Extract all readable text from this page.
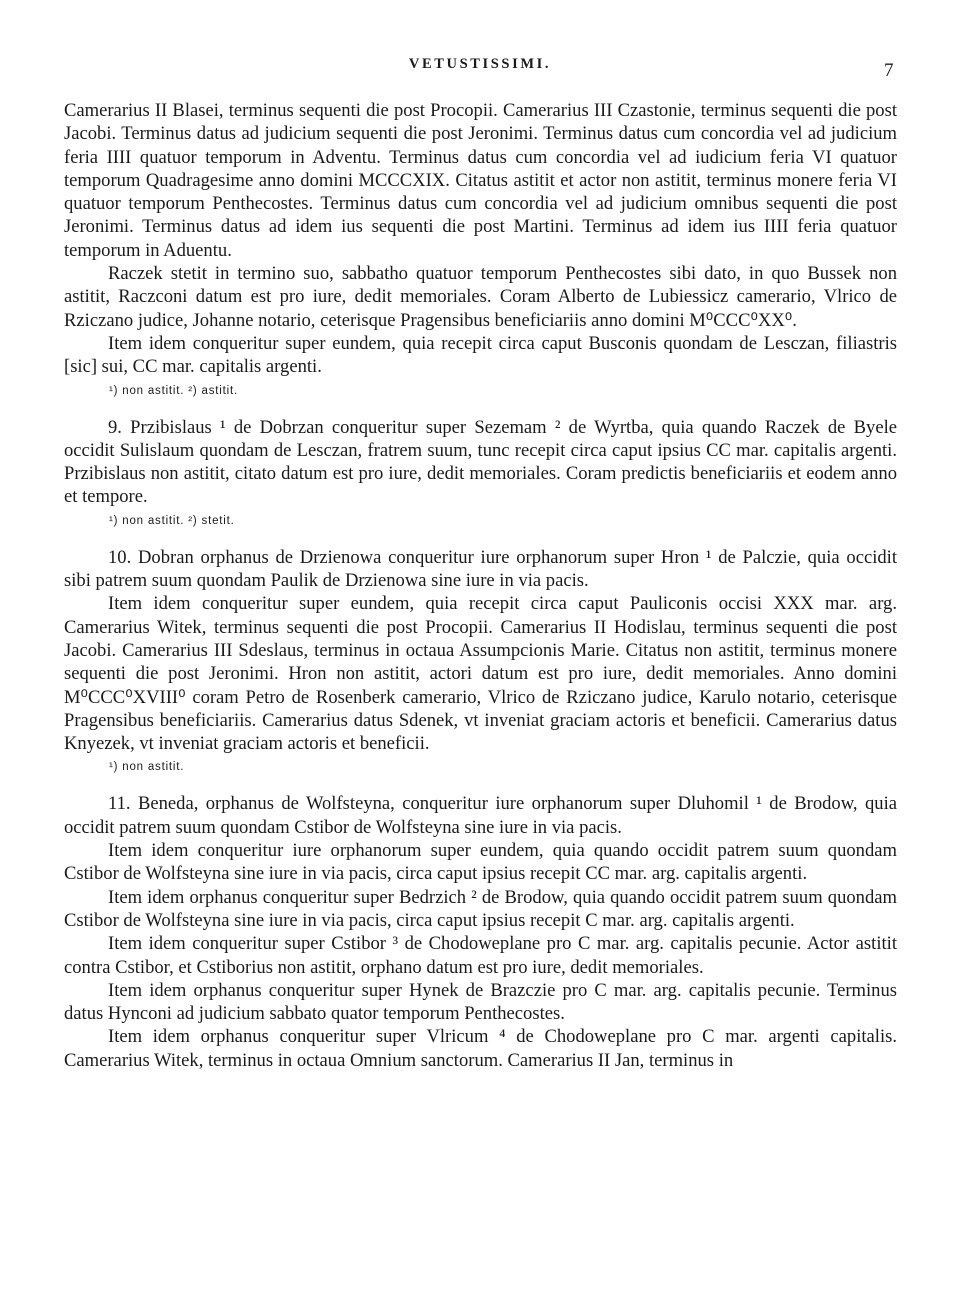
VETUSTISSIMI.	7

Camerarius II Blasei, terminus sequenti die post Procopii. Camerarius III Czastonie, terminus sequenti die post Jacobi. Terminus datus ad judicium sequenti die post Jeronimi. Terminus datus cum concordia vel ad judicium feria IIII quatuor temporum in Adventu. Terminus datus cum concordia vel ad iudicium feria VI quatuor temporum Quadragesime anno domini MCCCXIX. Citatus astitit et actor non astitit, terminus monere feria VI quatuor temporum Penthecostes. Terminus datus cum concordia vel ad judicium omnibus sequenti die post Jeronimi. Terminus datus ad idem ius sequenti die post Martini. Terminus ad idem ius IIII feria quatuor temporum in Aduentu.

Raczek stetit in termino suo, sabbatho quatuor temporum Penthecostes sibi dato, in quo Bussek non astitit, Raczconi datum est pro iure, dedit memoriales. Coram Alberto de Lubiessicz camerario, Vlrico de Rziczano judice, Johanne notario, ceterisque Pragensibus beneficiariis anno domini M⁰CCC⁰XX⁰.

Item idem conqueritur super eundem, quia recepit circa caput Busconis quondam de Lesczan, filiastris [sic] sui, CC mar. capitalis argenti.

¹) non astitit. ²) astitit.

9. Przibislaus ¹ de Dobrzan conqueritur super Sezemam ² de Wyrtba, quia quando Raczek de Byele occidit Sulislaum quondam de Lesczan, fratrem suum, tunc recepit circa caput ipsius CC mar. capitalis argenti. Przibislaus non astitit, citato datum est pro iure, dedit memoriales. Coram predictis beneficiariis et eodem anno et tempore.

¹) non astitit. ²) stetit.

10. Dobran orphanus de Drzienowa conqueritur iure orphanorum super Hron ¹ de Palczie, quia occidit sibi patrem suum quondam Paulik de Drzienowa sine iure in via pacis.

Item idem conqueritur super eundem, quia recepit circa caput Pauliconis occisi XXX mar. arg. Camerarius Witek, terminus sequenti die post Procopii. Camerarius II Hodislau, terminus sequenti die post Jacobi. Camerarius III Sdeslaus, terminus in octaua Assumpcionis Marie. Citatus non astitit, terminus monere sequenti die post Jeronimi. Hron non astitit, actori datum est pro iure, dedit memoriales. Anno domini M⁰CCC⁰XVIII⁰ coram Petro de Rosenberk camerario, Vlrico de Rziczano judice, Karulo notario, ceterisque Pragensibus beneficiariis. Camerarius datus Sdenek, vt inveniat graciam actoris et beneficii. Camerarius datus Knyezek, vt inveniat graciam actoris et beneficii.

¹) non astitit.

11. Beneda, orphanus de Wolfsteyna, conqueritur iure orphanorum super Dluhomil ¹ de Brodow, quia occidit patrem suum quondam Cstibor de Wolfsteyna sine iure in via pacis.

Item idem conqueritur iure orphanorum super eundem, quia quando occidit patrem suum quondam Cstibor de Wolfsteyna sine iure in via pacis, circa caput ipsius recepit CC mar. arg. capitalis argenti.

Item idem orphanus conqueritur super Bedrzich ² de Brodow, quia quando occidit patrem suum quondam Cstibor de Wolfsteyna sine iure in via pacis, circa caput ipsius recepit C mar. arg. capitalis argenti.

Item idem conqueritur super Cstibor ³ de Chodoweplane pro C mar. arg. capitalis pecunie. Actor astitit contra Cstibor, et Cstiborius non astitit, orphano datum est pro iure, dedit memoriales.

Item idem orphanus conqueritur super Hynek de Brazczie pro C mar. arg. capitalis pecunie. Terminus datus Hynconi ad judicium sabbato quator temporum Penthecostes.

Item idem orphanus conqueritur super Vlricum ⁴ de Chodoweplane pro C mar. argenti capitalis. Camerarius Witek, terminus in octaua Omnium sanctorum. Camerarius II Jan, terminus in
